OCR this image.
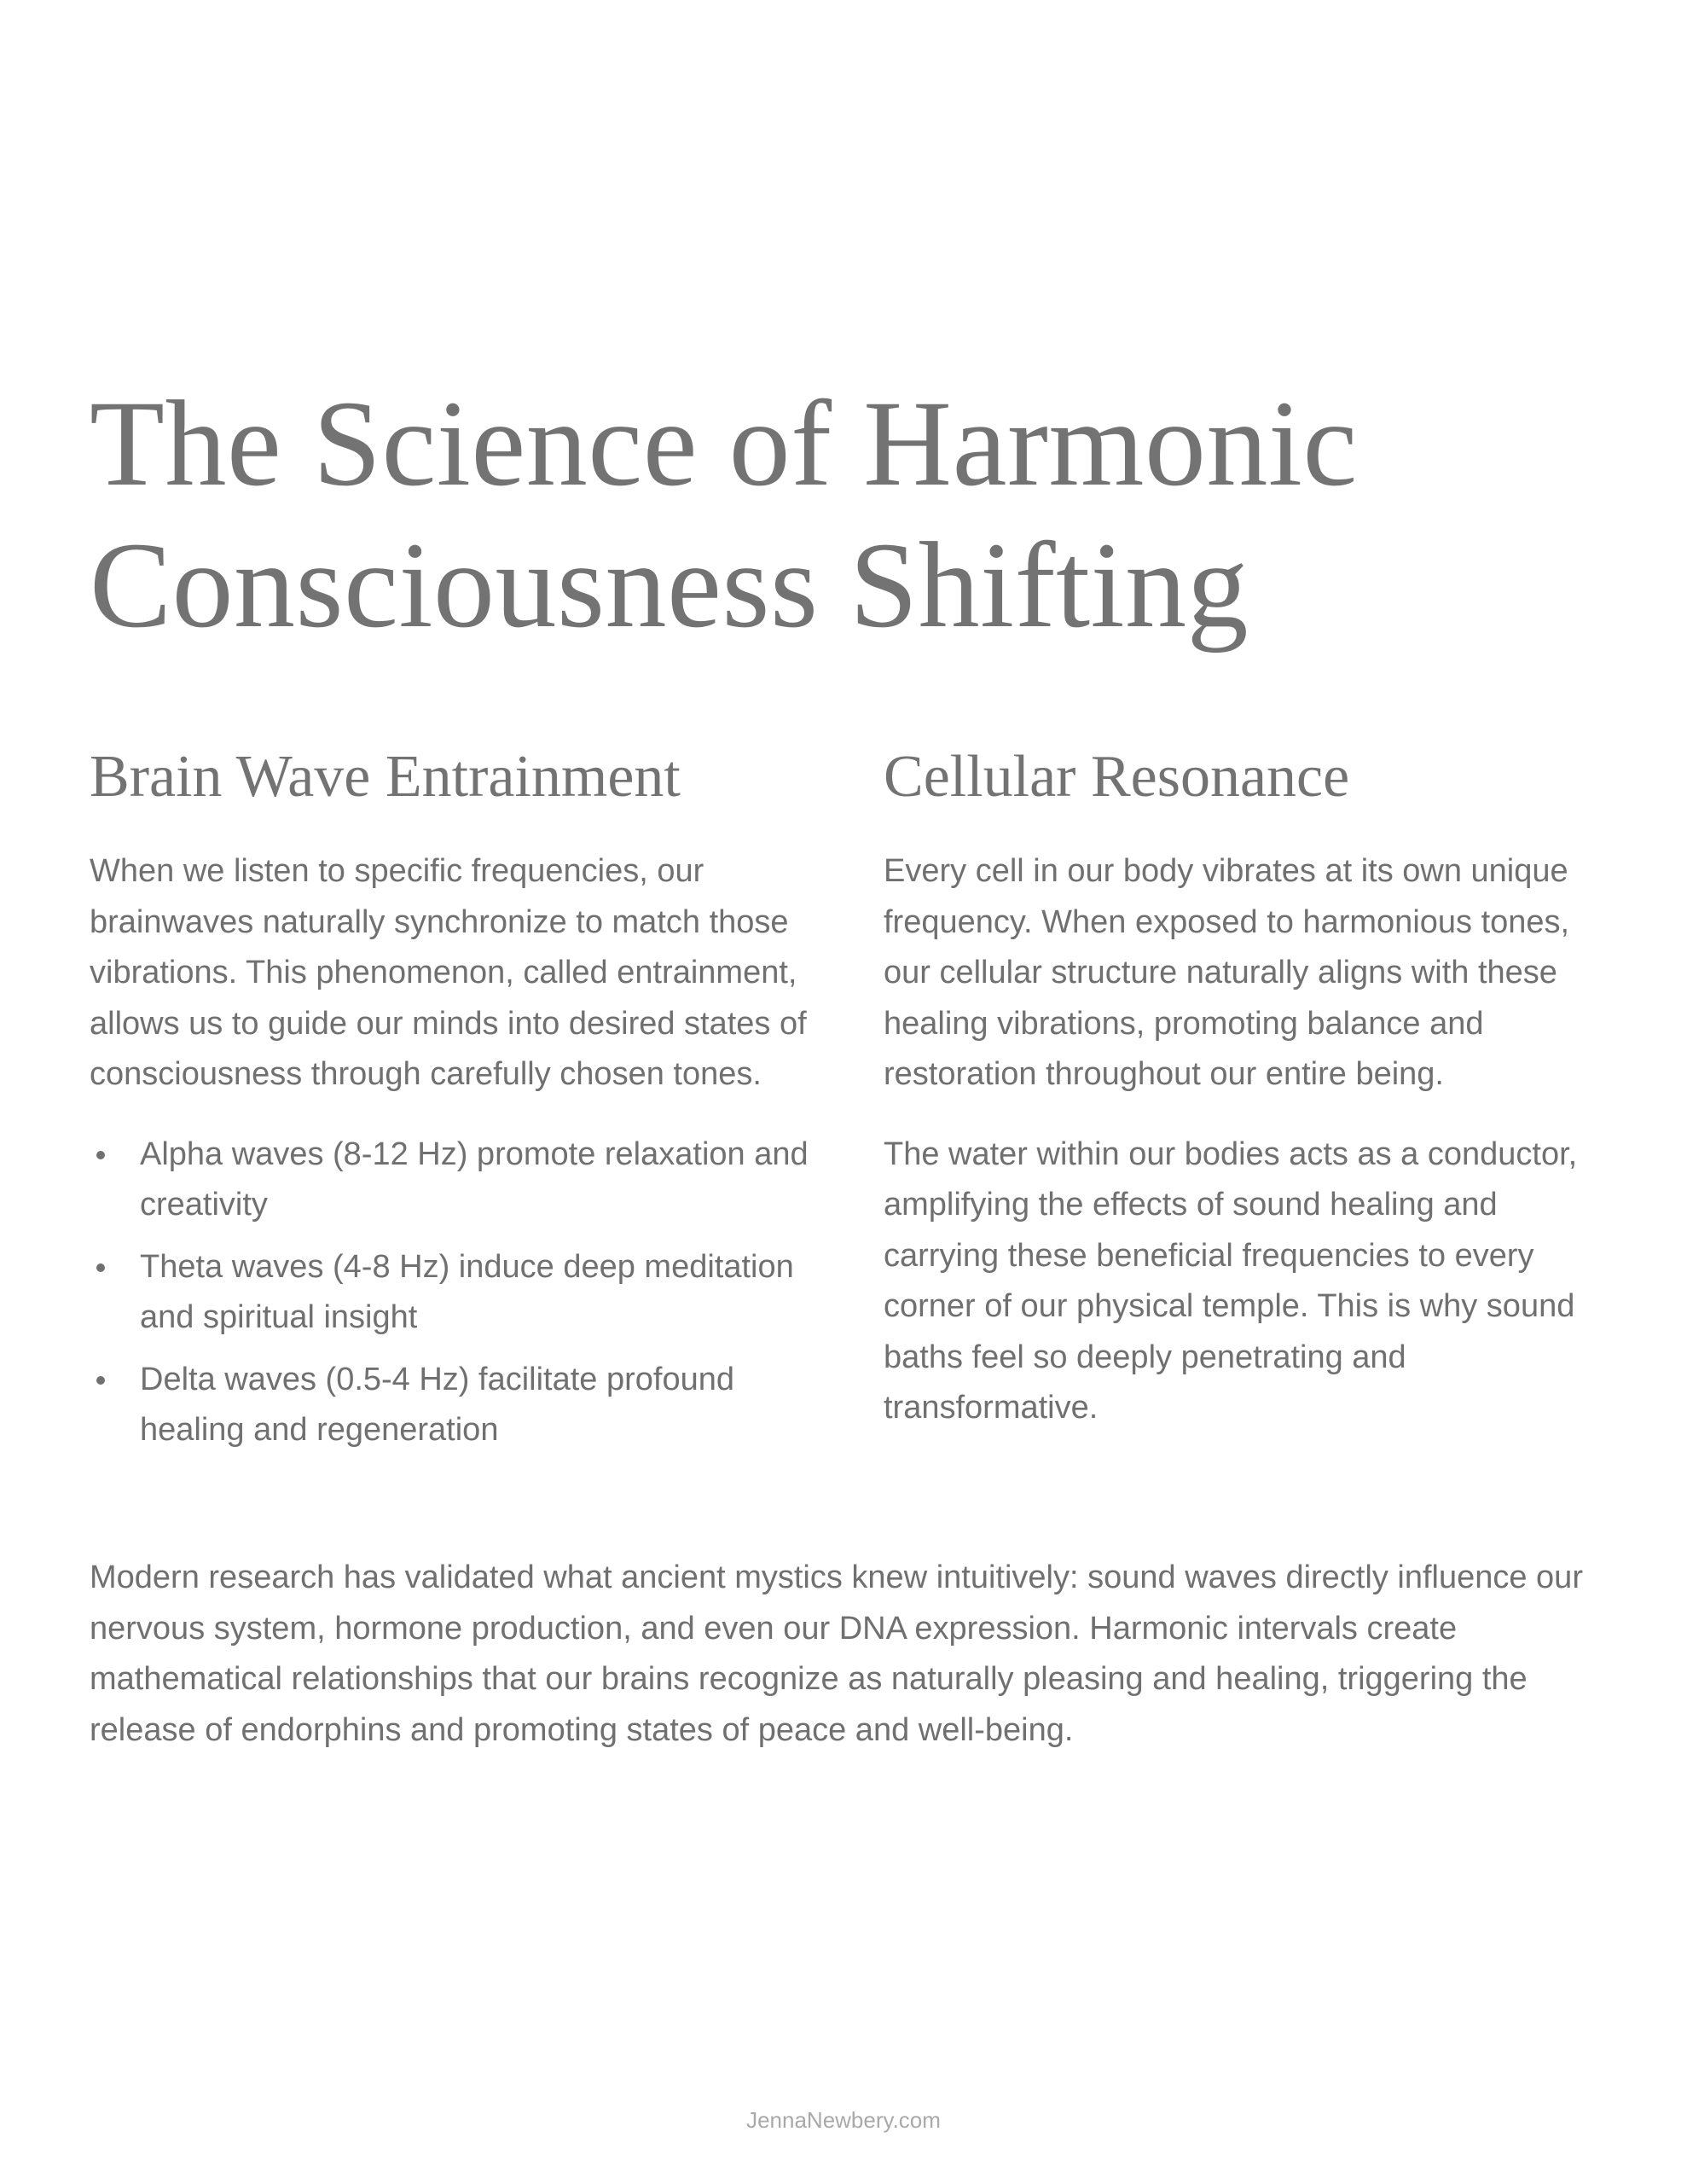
The Science of Harmonic Consciousness Shifting
Brain Wave Entrainment

When we listen to specific frequencies, our brainwaves naturally synchronize to match those vibrations. This phenomenon, called entrainment, allows us to guide our minds into desired states of consciousness through carefully chosen tones.

Alpha waves (8-12 Hz) promote relaxation and creativity
Theta waves (4-8 Hz) induce deep meditation and spiritual insight
Delta waves (0.5-4 Hz) facilitate profound healing and regeneration
Cellular Resonance

Every cell in our body vibrates at its own unique frequency. When exposed to harmonious tones, our cellular structure naturally aligns with these healing vibrations, promoting balance and restoration throughout our entire being.

The water within our bodies acts as a conductor, amplifying the effects of sound healing and carrying these beneficial frequencies to every corner of our physical temple. This is why sound baths feel so deeply penetrating and transformative.

Modern research has validated what ancient mystics knew intuitively: sound waves directly influence our nervous system, hormone production, and even our DNA expression. Harmonic intervals create mathematical relationships that our brains recognize as naturally pleasing and healing, triggering the release of endorphins and promoting states of peace and well-being.

JennaNewbery.com
